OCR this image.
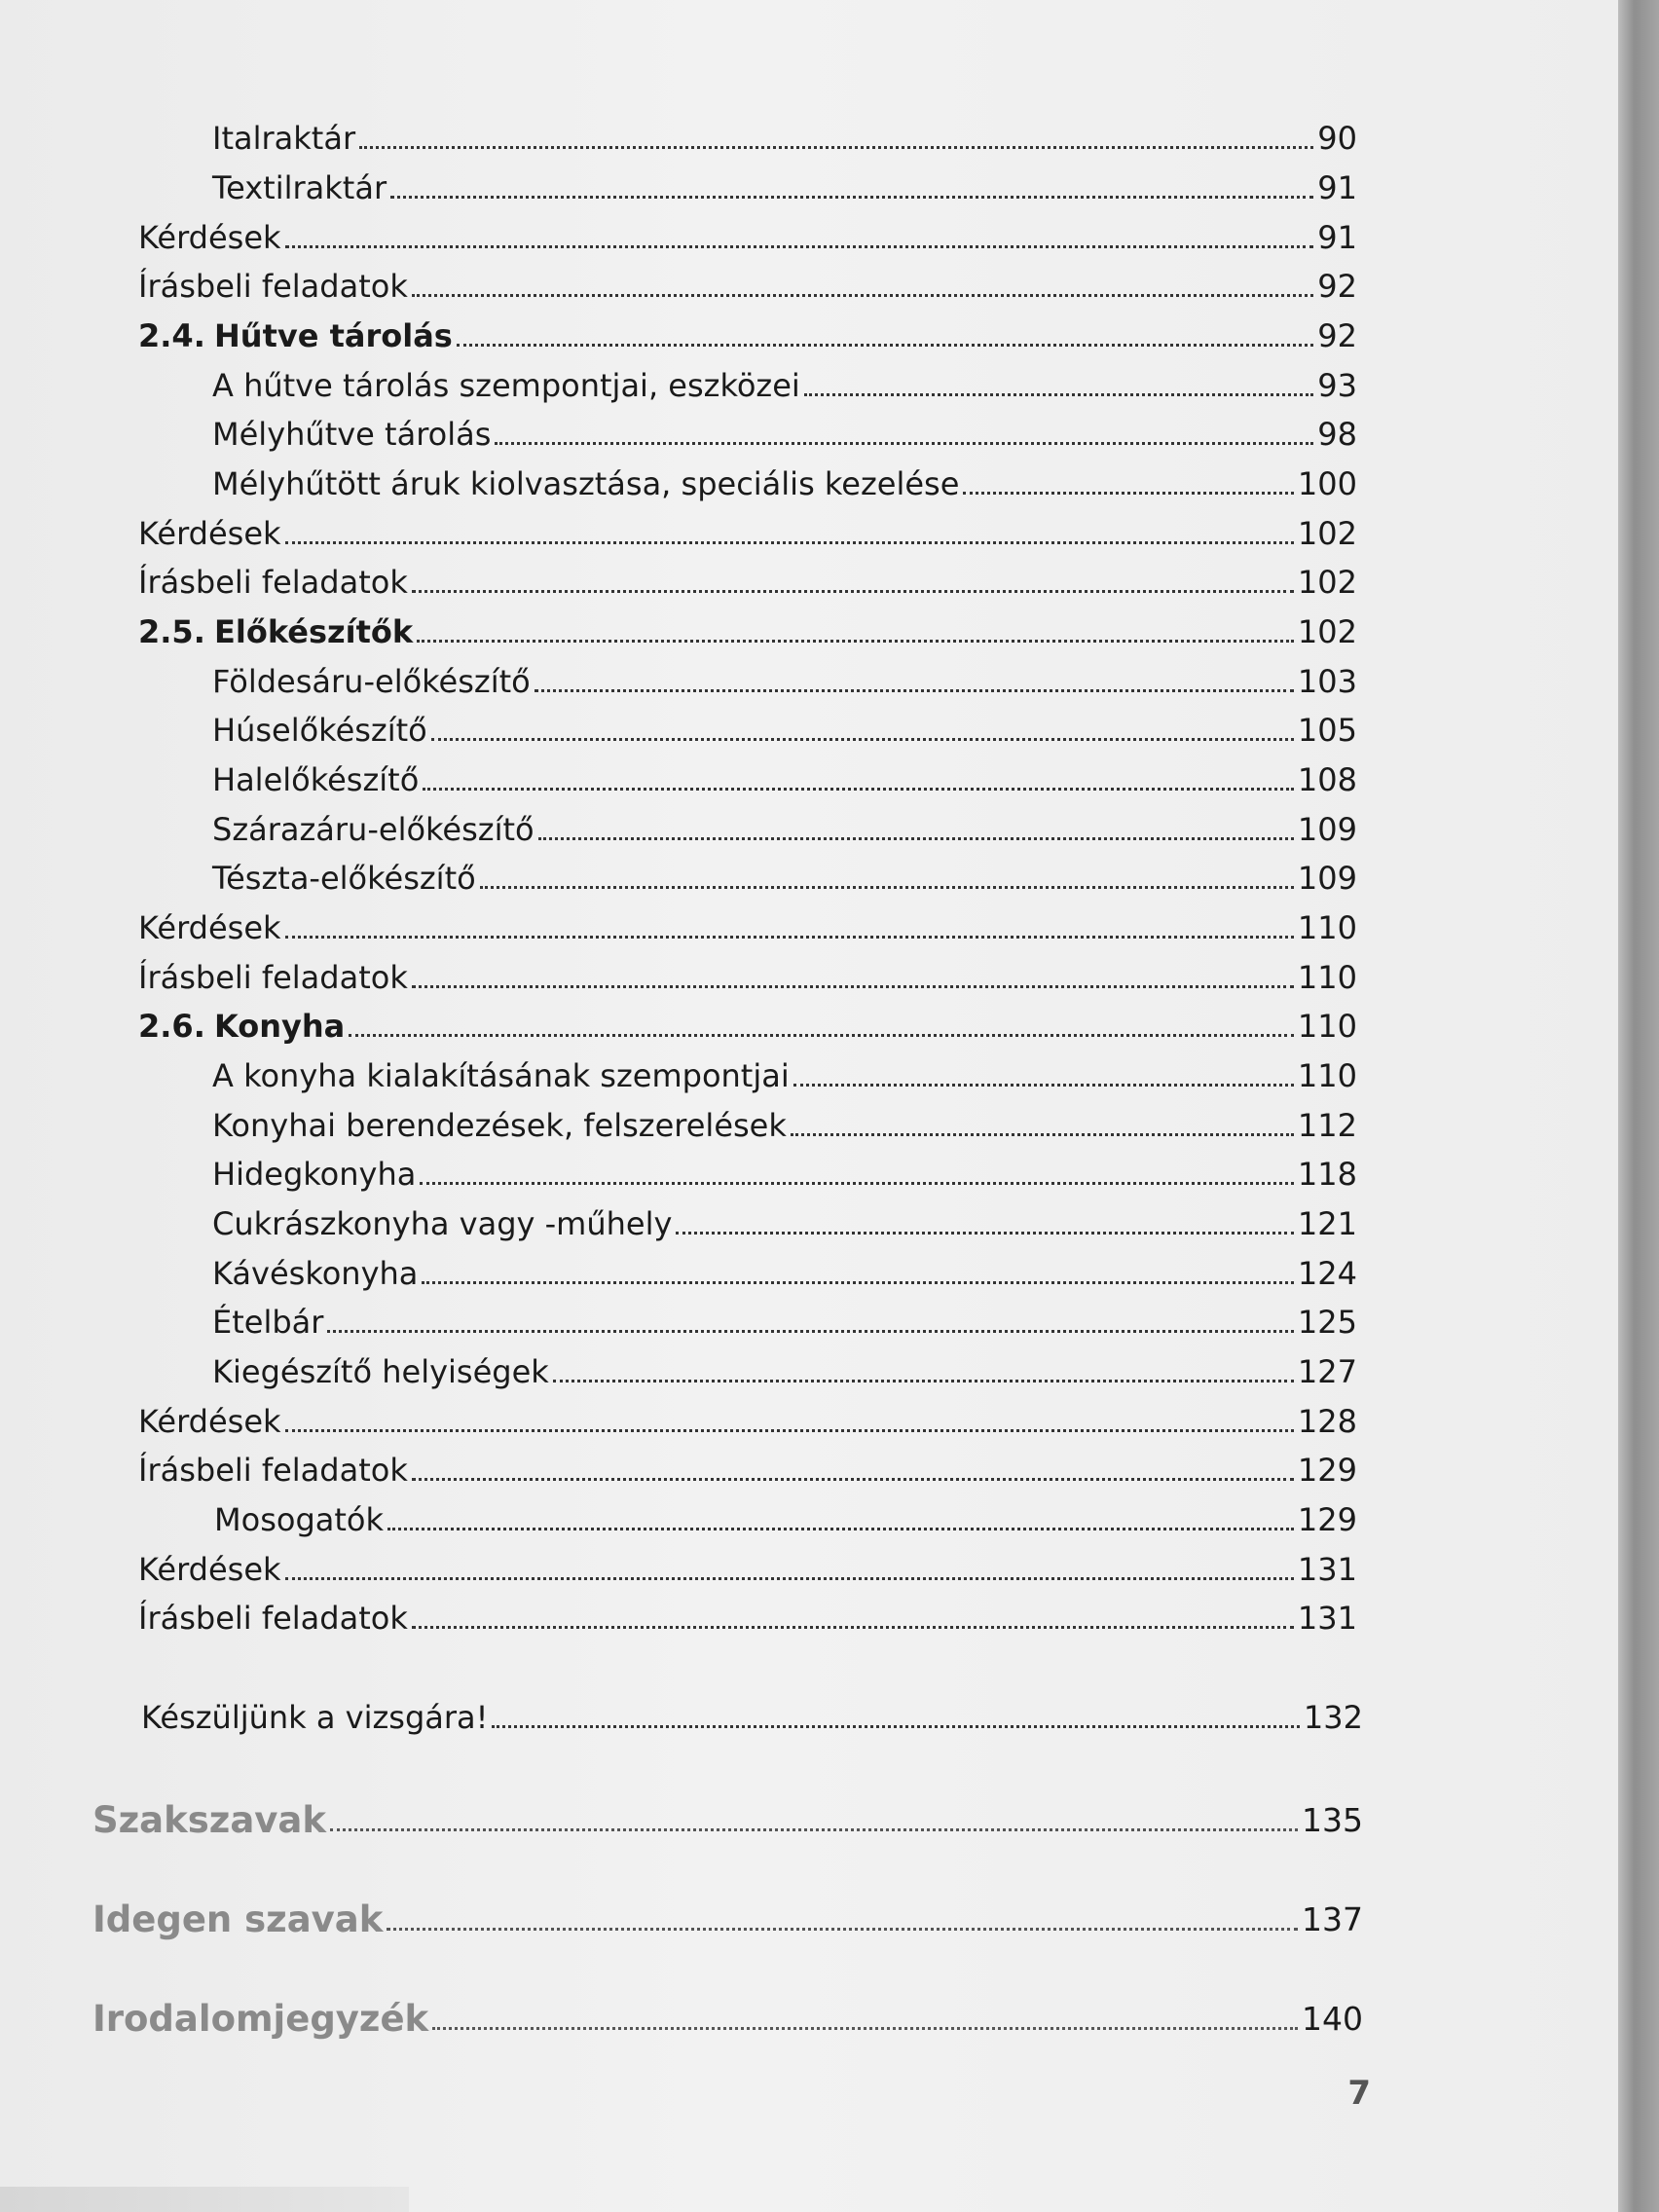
Italraktár	90
Textilraktár	91
Kérdések	91
Írásbeli feladatok	92
2.4. Hűtve tárolás	92
A hűtve tárolás szempontjai, eszközei	93
Mélyhűtve tárolás	98
Mélyhűtött áruk kiolvasztása, speciális kezelése	100
Kérdések	102
Írásbeli feladatok	102
2.5. Előkészítők	102
Földesáru-előkészítő	103
Húselőkészítő	105
Halelőkészítő	108
Szárazáru-előkészítő	109
Tészta-előkészítő	109
Kérdések	110
Írásbeli feladatok	110
2.6. Konyha	110
A konyha kialakításának szempontjai	110
Konyhai berendezések, felszerelések	112
Hidegkonyha	118
Cukrászkonyha vagy -műhely	121
Kávéskonyha	124
Ételbár	125
Kiegészítő helyiségek	127
Kérdések	128
Írásbeli feladatok	129
Mosogatók	129
Kérdések	131
Írásbeli feladatok	131
Készüljünk a vizsgára!	132
Szakszavak	135
Idegen szavak	137
Irodalomjegyzék	140
7
